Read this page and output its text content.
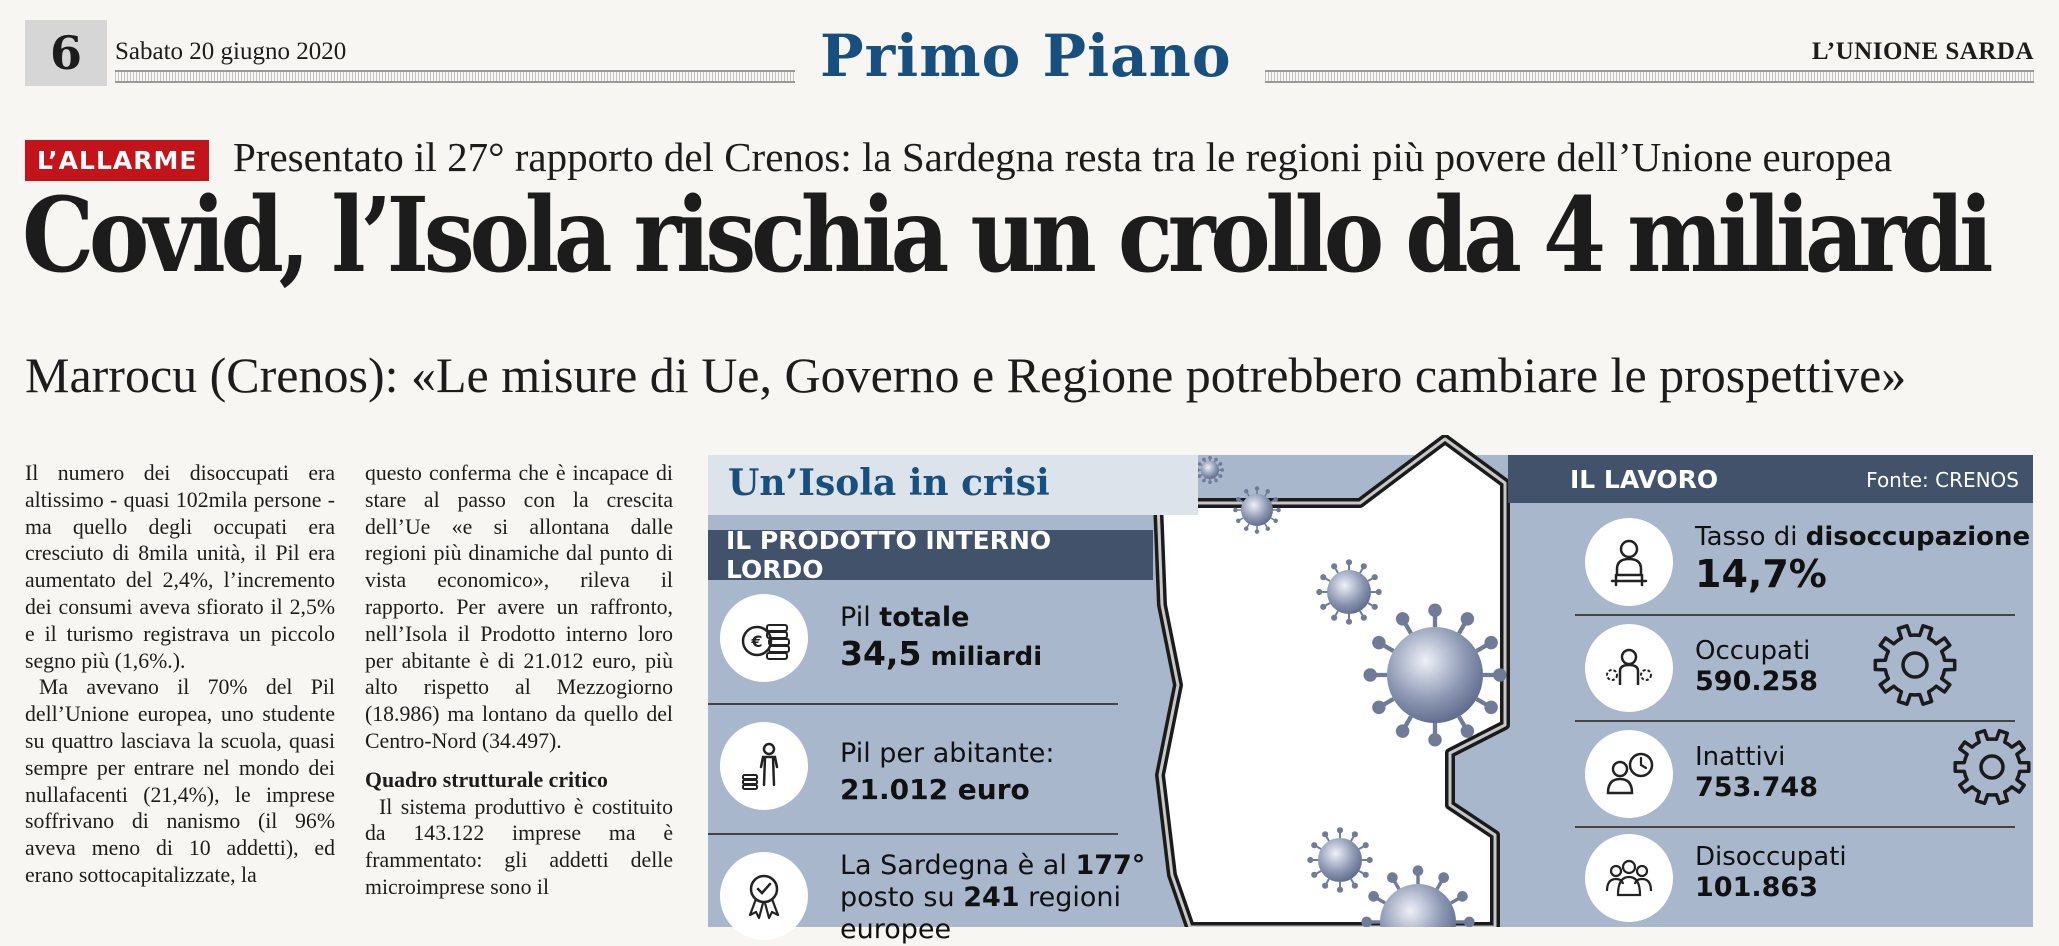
6	Sabato 20 giugno 2020	Primo Piano	L’UNIONE SARDA
L’ALLARME Presentato il 27° rapporto del Crenos: la Sardegna resta tra le regioni più povere dell’Unione europea
Covid, l’Isola rischia un crollo da 4 miliardi
Marrocu (Crenos): «Le misure di Ue, Governo e Regione potrebbero cambiare le prospettive»

Il numero dei disoccupati era altissimo - quasi 102mila persone - ma quello degli occupati era cresciuto di 8mila unità, il Pil era aumentato del 2,4%, l’incremento dei consumi aveva sfiorato il 2,5% e il turismo registrava un piccolo segno più (1,6%.).

Ma avevano il 70% del Pil dell’Unione europea, uno studente su quattro lasciava la scuola, quasi sempre per entrare nel mondo dei nullafacenti (21,4%), le imprese soffrivano di nanismo (il 96% aveva meno di 10 addetti), ed erano sottocapitalizzate, la

questo conferma che è incapace di stare al passo con la crescita dell’Ue «e si allontana dalle regioni più dinamiche dal punto di vista economico», rileva il rapporto. Per avere un raffronto, nell’Isola il Prodotto interno loro per abitante è di 21.012 euro, più alto rispetto al Mezzogiorno (18.986) ma lontano da quello del Centro-Nord (34.497).

Quadro strutturale critico

Il sistema produttivo è costituito da 143.122 imprese ma è frammentato: gli addetti delle microimprese sono il

Un’Isola in crisi
IL PRODOTTO INTERNO LORDO
€
Pil totale
34,5 miliardi
Pil per abitante:
21.012 euro
La Sardegna è al 177°
posto su 241 regioni
europee
IL LAVORO	Fonte: CRENOS
Tasso di disoccupazione
14,7%
Occupati
590.258
Inattivi
753.748
Disoccupati
101.863
